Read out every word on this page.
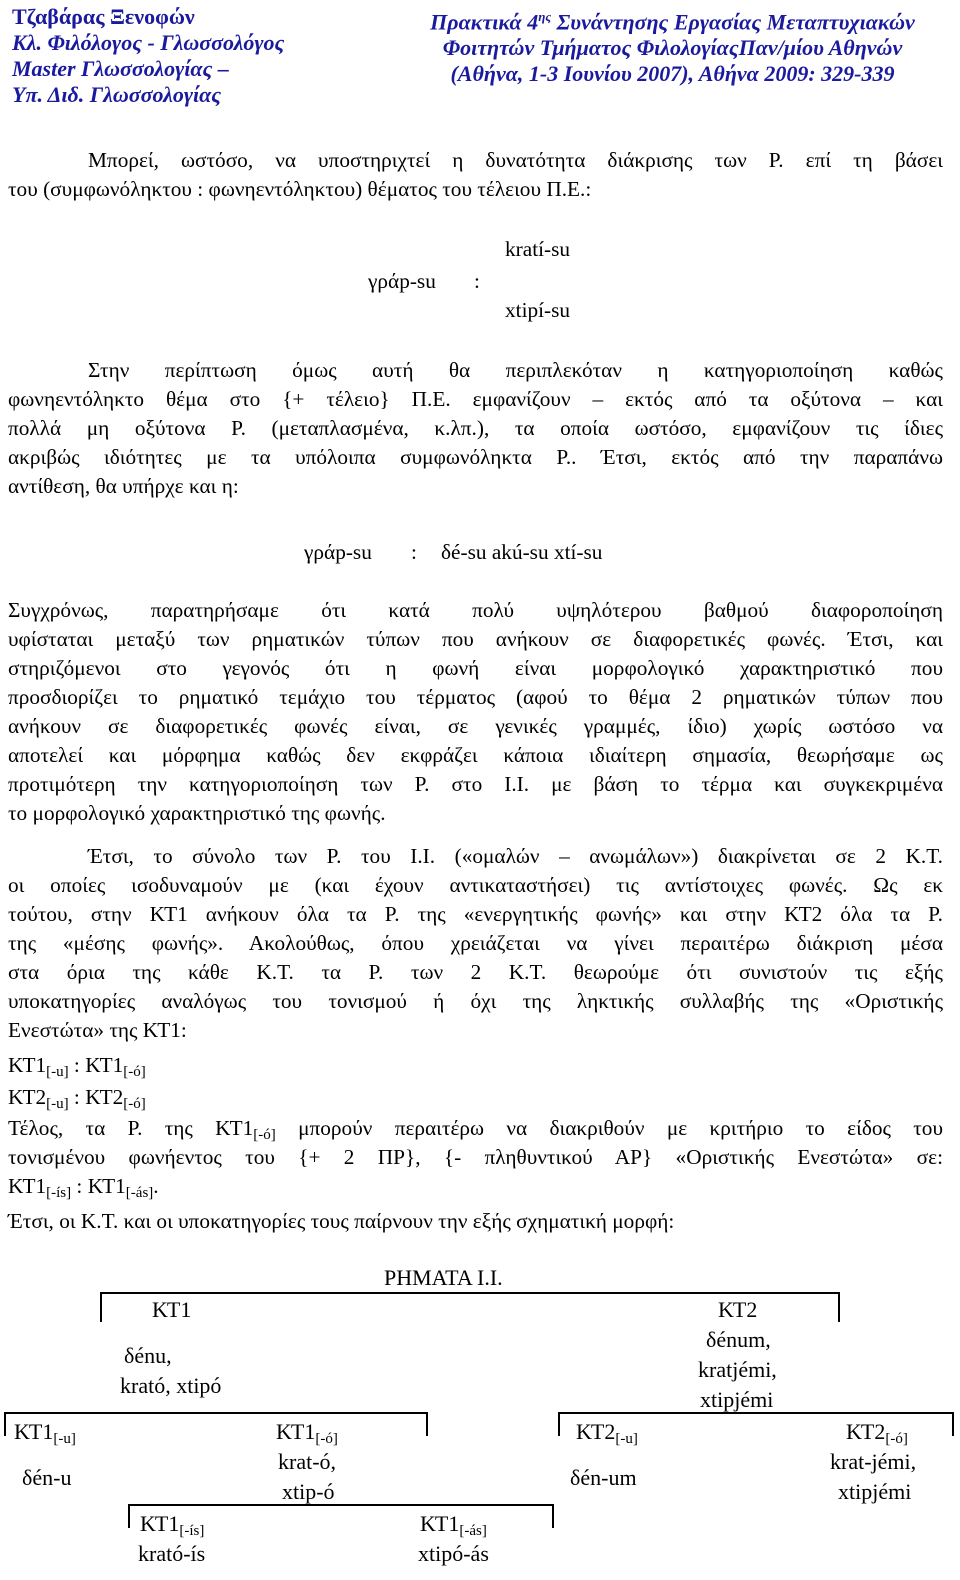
Τζαβάρας Ξενοφών
Κλ. Φιλόλογος - Γλωσσολόγος
Master Γλωσσολογίας –
Υπ. Διδ. Γλωσσολογίας
Πρακτικά $4^{\eta\varsigma}$ Συνάντησης Εργασίας Μεταπτυχιακών
Φοιτητών Τμήματος ΦιλολογίαςΠαν/μίου Αθηνών
(Αθήνα, 1-3 Ιουνίου 2007), Αθήνα 2009: 329-339
Μπορεί, ωστόσο, να υποστηριχτεί η δυνατότητα διάκρισης των Ρ. επί τη βάσει
του (συμφωνόληκτου : φωνηεντόληκτου) θέματος του τέλειου Π.Ε.:
γράp-su :
kratí-su
xtipí-su
Στην περίπτωση όμως αυτή θα περιπλεκόταν η κατηγοριοποίηση καθώς
φωνηεντόληκτο θέμα στο {+ τέλειο} Π.Ε. εμφανίζουν – εκτός από τα οξύτονα – και
πολλά μη οξύτονα Ρ. (μεταπλασμένα, κ.λπ.), τα οποία ωστόσο, εμφανίζουν τις ίδιες
ακριβώς ιδιότητες με τα υπόλοιπα συμφωνόληκτα Ρ.. Έτσι, εκτός από την παραπάνω
αντίθεση, θα υπήρχε και η:
γράp-su : δé-su akú-su xtí-su
Συγχρόνως, παρατηρήσαμε ότι κατά πολύ υψηλότερου βαθμού διαφοροποίηση
υφίσταται μεταξύ των ρηματικών τύπων που ανήκουν σε διαφορετικές φωνές. Έτσι, και
στηριζόμενοι στο γεγονός ότι η φωνή είναι μορφολογικό χαρακτηριστικό που
προσδιορίζει το ρηματικό τεμάχιο του τέρματος (αφού το θέμα 2 ρηματικών τύπων που
ανήκουν σε διαφορετικές φωνές είναι, σε γενικές γραμμές, ίδιο) χωρίς ωστόσο να
αποτελεί και μόρφημα καθώς δεν εκφράζει κάποια ιδιαίτερη σημασία, θεωρήσαμε ως
προτιμότερη την κατηγοριοποίηση των Ρ. στο Ι.Ι. με βάση το τέρμα και συγκεκριμένα
το μορφολογικό χαρακτηριστικό της φωνής.
Έτσι, το σύνολο των Ρ. του Ι.Ι. («ομαλών – ανωμάλων») διακρίνεται σε 2 Κ.Τ.
οι οποίες ισοδυναμούν με (και έχουν αντικαταστήσει) τις αντίστοιχες φωνές. Ως εκ
τούτου, στην ΚΤ1 ανήκουν όλα τα Ρ. της «ενεργητικής φωνής» και στην ΚΤ2 όλα τα Ρ.
της «μέσης φωνής». Ακολούθως, όπου χρειάζεται να γίνει περαιτέρω διάκριση μέσα
στα όρια της κάθε Κ.Τ. τα Ρ. των 2 Κ.Τ. θεωρούμε ότι συνιστούν τις εξής
υποκατηγορίες αναλόγως του τονισμού ή όχι της ληκτικής συλλαβής της «Οριστικής
Ενεστώτα» της ΚΤ1:
$KT1_{[-u]}$ : $KT1_{[-ó]}$
$KT2_{[-u]}$ : $KT2_{[-ó]}$
Τέλος, τα Ρ. της $KT1_{[-ó]}$ μπορούν περαιτέρω να διακριθούν με κριτήριο το είδος του
τονισμένου φωνήεντος του {+ 2 ΠΡ}, {- πληθυντικού ΑΡ} «Οριστικής Ενεστώτα» σε:
$KT1_{[-ís]}$ : $KT1_{[-ás]}$.
Έτσι, οι Κ.Τ. και οι υποκατηγορίες τους παίρνουν την εξής σχηματική μορφή:
ΡΗΜΑΤΑ Ι.Ι.
ΚΤ1
δénu,
krató, xtipó
ΚΤ2
δénum,
kratjémi,
xtipjémi
$KT1_{[-u]}$
δén-u
$KT1_{[-ó]}$
krat-ó,
xtip-ó
$KT2_{[-u]}$
δén-um
$KT2_{[-ó]}$
krat-jémi,
xtipjémi
$KT1_{[-ís]}$
krató-ís
$KT1_{[-ás]}$
xtipó-ás
